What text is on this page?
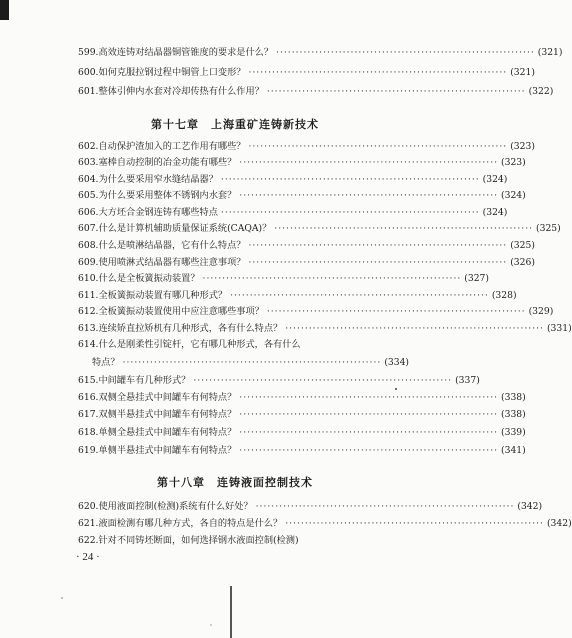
599.高效连铸对结晶器铜管锥度的要求是什么？ ·································································· (321)
600.如何克服拉钢过程中铜管上口变形？ ·································································· (321)
601.整体引伸内水套对冷却传热有什么作用？ ·································································· (322)
第十七章　上海重矿连铸新技术
602.自动保护渣加入的工艺作用有哪些？ ·································································· (323)
603.塞棒自动控制的冶金功能有哪些？ ·································································· (323)
604.为什么要采用窄水缝结晶器？ ·································································· (324)
605.为什么要采用整体不锈钢内水套？ ·································································· (324)
606.大方坯合金钢连铸有哪些特点 ·································································· (324)
607.什么是计算机辅助质量保证系统(CAQA)？ ·································································· (325)
608.什么是喷淋结晶器，它有什么特点？ ·································································· (325)
609.使用喷淋式结晶器有哪些注意事项？ ·································································· (326)
610.什么是全板簧振动装置？ ·································································· (327)
611.全板簧振动装置有哪几种形式？ ·································································· (328)
612.全板簧振动装置使用中应注意哪些事项？ ·································································· (329)
613.连续矫直拉矫机有几种形式，各有什么特点？ ·································································· (331)
614.什么是刚柔性引锭杆，它有哪几种形式，各有什么
特点？ ·································································· (334)
615.中间罐车有几种形式？ ·································································· (337)
616.双侧全悬挂式中间罐车有何特点？ ·································································· (338)
617.双侧半悬挂式中间罐车有何特点？ ·································································· (338)
618.单侧全悬挂式中间罐车有何特点？ ·································································· (339)
619.单侧半悬挂式中间罐车有何特点？ ·································································· (341)
第十八章　连铸液面控制技术
620.使用液面控制(检测)系统有什么好处？ ·································································· (342)
621.液面检测有哪几种方式，各自的特点是什么？ ·································································· (342)
622.针对不同铸坯断面，如何选择钢水液面控制(检测)
· 24 ·
